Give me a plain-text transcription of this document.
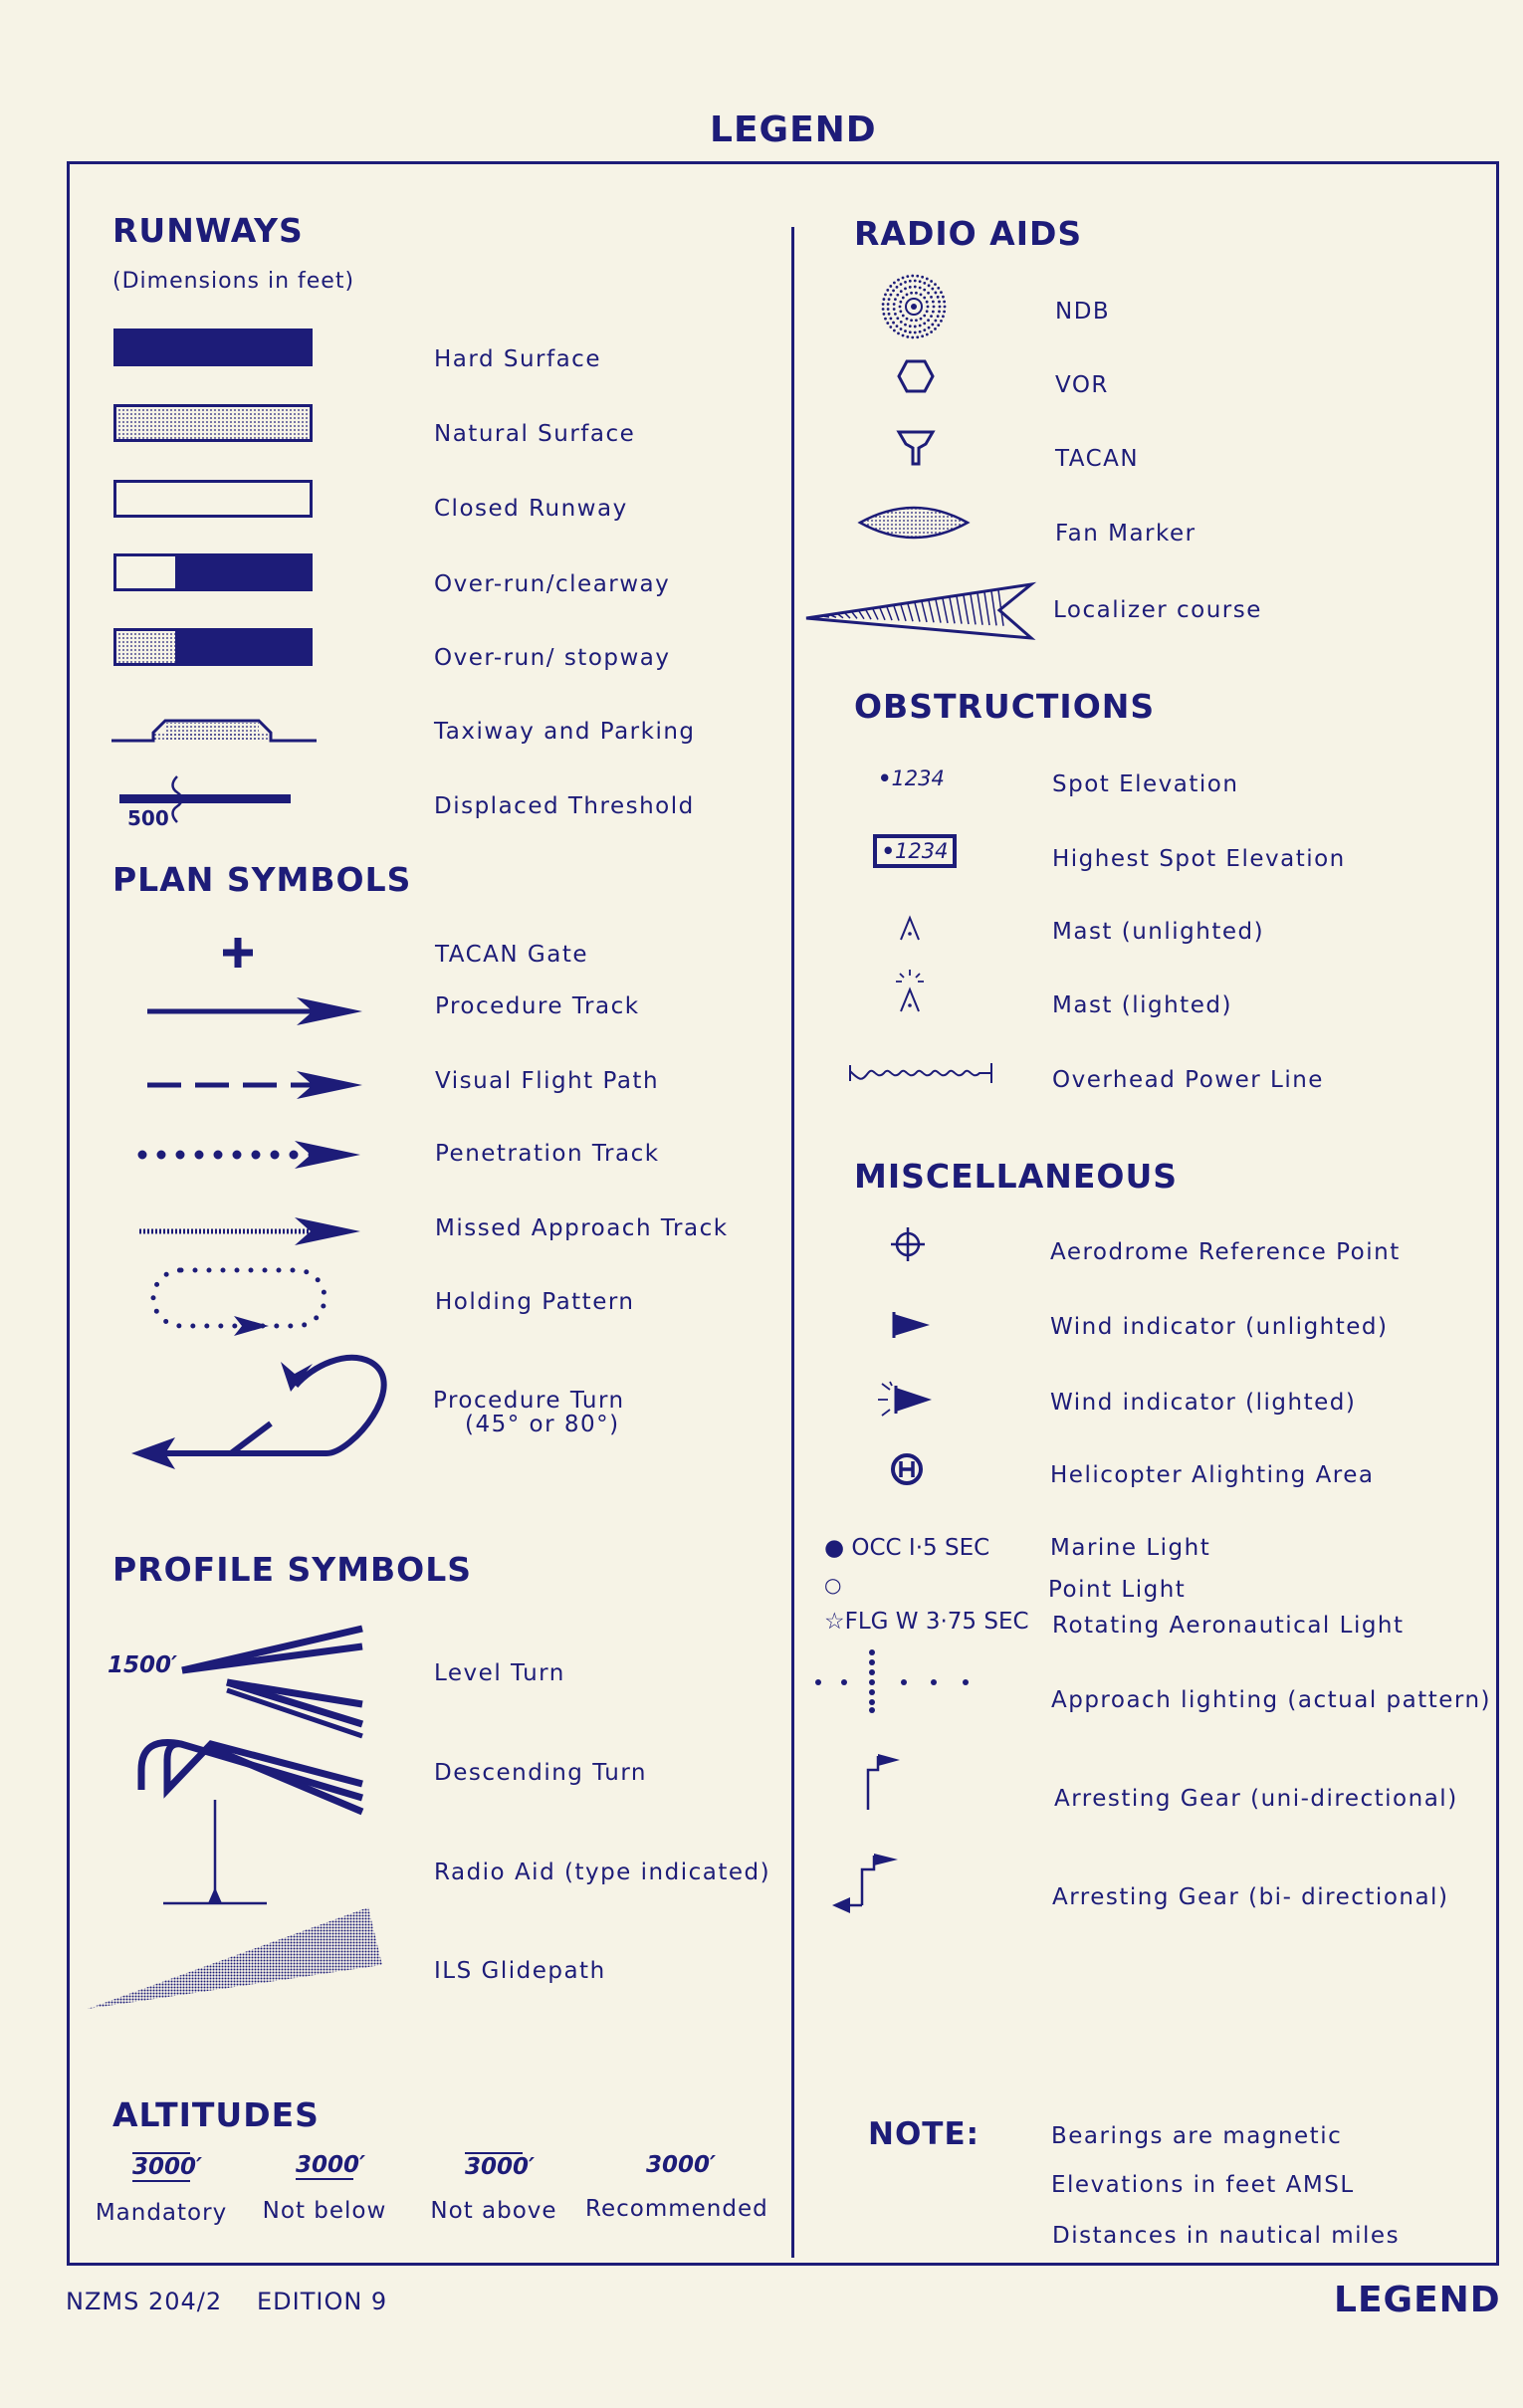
LEGEND
RUNWAYS
(Dimensions in feet)
Hard Surface
Natural Surface
Closed Runway
Over-run/clearway
Over-run/ stopway
Taxiway and Parking
500	Displaced Threshold
PLAN SYMBOLS
TACAN Gate
Procedure Track
Visual Flight Path
Penetration Track
Missed Approach Track
Holding Pattern
Procedure Turn
(45° or 80°)
PROFILE SYMBOLS
1500′	Level Turn
Descending Turn
Radio Aid (type indicated)
ILS Glidepath
ALTITUDES
3000′
Mandatory
3000′
Not below
3000′
Not above
3000′
Recommended
RADIO AIDS
NDB
VOR
TACAN
Fan Marker
Localizer course
OBSTRUCTIONS
•1234	Spot Elevation
•1234	Highest Spot Elevation
Mast (unlighted)
Mast (lighted)
Overhead Power Line
MISCELLANEOUS
Aerodrome Reference Point
Wind indicator (unlighted)
Wind indicator (lighted)
Helicopter Alighting Area
● OCC I·5 SEC	Marine Light
○	Point Light
☆FLG W 3·75 SEC Rotating Aeronautical Light
Approach lighting (actual pattern)
Arresting Gear (uni-directional)
Arresting Gear (bi- directional)
NOTE:	Bearings are magnetic
Elevations in feet AMSL
Distances in nautical miles
NZMS 204/2 EDITION 9	LEGEND
